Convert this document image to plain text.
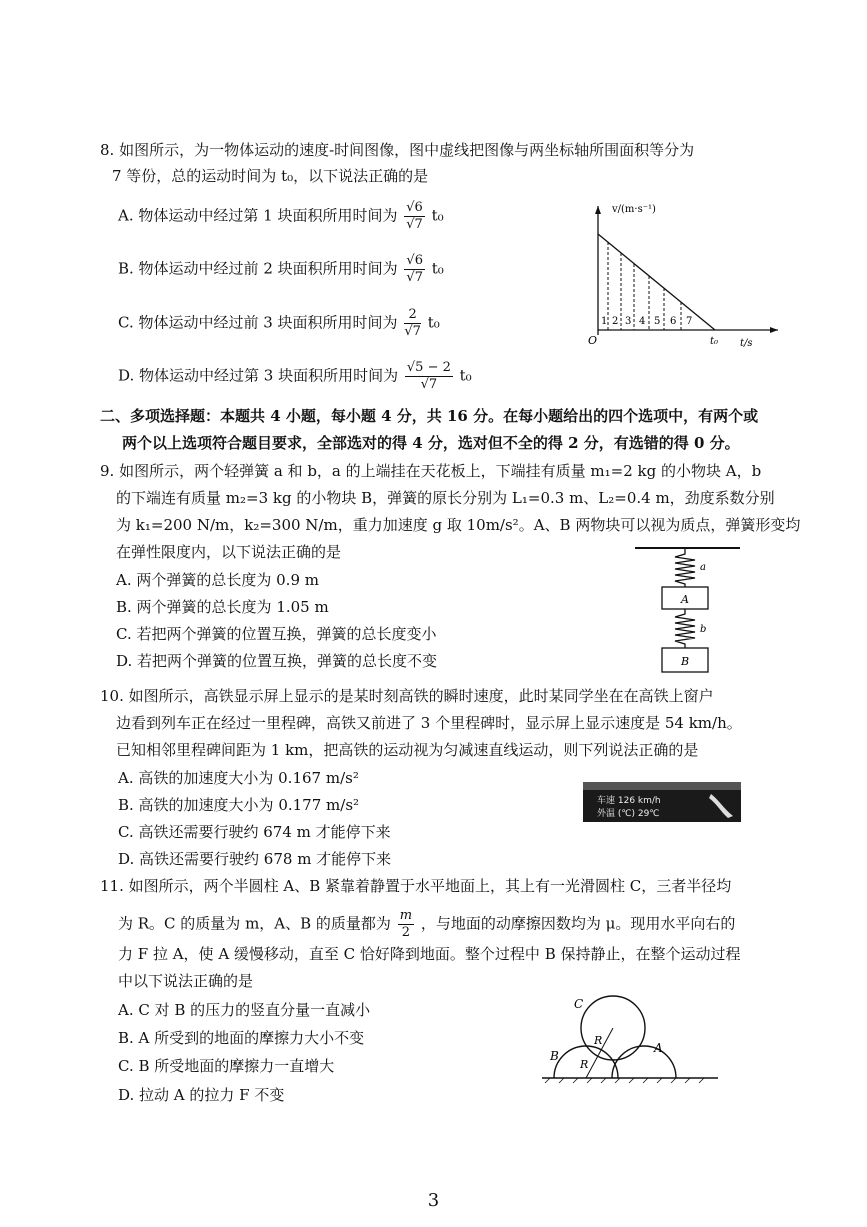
8. 如图所示，为一物体运动的速度-时间图像，图中虚线把图像与两坐标轴所围面积等分为
7 等份，总的运动时间为 t₀，以下说法正确的是
A. 物体运动中经过第 1 块面积所用时间为 $\frac{√6}{√7} t_0$
B. 物体运动中经过前 2 块面积所用时间为 $\frac{√6}{√7} t_0$
C. 物体运动中经过前 3 块面积所用时间为 $\frac{2}{√7} t_0$
D. 物体运动中经过第 3 块面积所用时间为 $\frac{√5 - 2}{√7} t_0$
v/(m·s⁻¹)
t/s
O	t₀
1 2 3 4 5 6 7
二、多项选择题：本题共 4 小题，每小题 4 分，共 16 分。在每小题给出的四个选项中，有两个或
两个以上选项符合题目要求，全部选对的得 4 分，选对但不全的得 2 分，有选错的得 0 分。
9. 如图所示，两个轻弹簧 a 和 b，a 的上端挂在天花板上，下端挂有质量 m₁=2 kg 的小物块 A，b
的下端连有质量 m₂=3 kg 的小物块 B，弹簧的原长分别为 L₁=0.3 m、L₂=0.4 m，劲度系数分别
为 k₁=200 N/m，k₂=300 N/m，重力加速度 g 取 10m/s²。A、B 两物块可以视为质点，弹簧形变均
在弹性限度内，以下说法正确的是
A. 两个弹簧的总长度为 0.9 m
B. 两个弹簧的总长度为 1.05 m
C. 若把两个弹簧的位置互换，弹簧的总长度变小
D. 若把两个弹簧的位置互换，弹簧的总长度不变
a
A
b
B
10. 如图所示，高铁显示屏上显示的是某时刻高铁的瞬时速度，此时某同学坐在在高铁上窗户
边看到列车正在经过一里程碑，高铁又前进了 3 个里程碑时，显示屏上显示速度是 54 km/h。
已知相邻里程碑间距为 1 km，把高铁的运动视为匀减速直线运动，则下列说法正确的是
A. 高铁的加速度大小为 0.167 m/s²
B. 高铁的加速度大小为 0.177 m/s²
C. 高铁还需要行驶约 674 m 才能停下来
D. 高铁还需要行驶约 678 m 才能停下来
车速 126 km/h
外温 (℃) 29℃
11. 如图所示，两个半圆柱 A、B 紧靠着静置于水平地面上，其上有一光滑圆柱 C，三者半径均
为 R。C 的质量为 m，A、B 的质量都为 $\frac{m}{2}$ ，与地面的动摩擦因数均为 μ。现用水平向右的
力 F 拉 A，使 A 缓慢移动，直至 C 恰好降到地面。整个过程中 B 保持静止，在整个运动过程
中以下说法正确的是
A. C 对 B 的压力的竖直分量一直减小
B. A 所受到的地面的摩擦力大小不变
C. B 所受地面的摩擦力一直增大
D. 拉动 A 的拉力 F 不变
C
B
A
R
R
3
